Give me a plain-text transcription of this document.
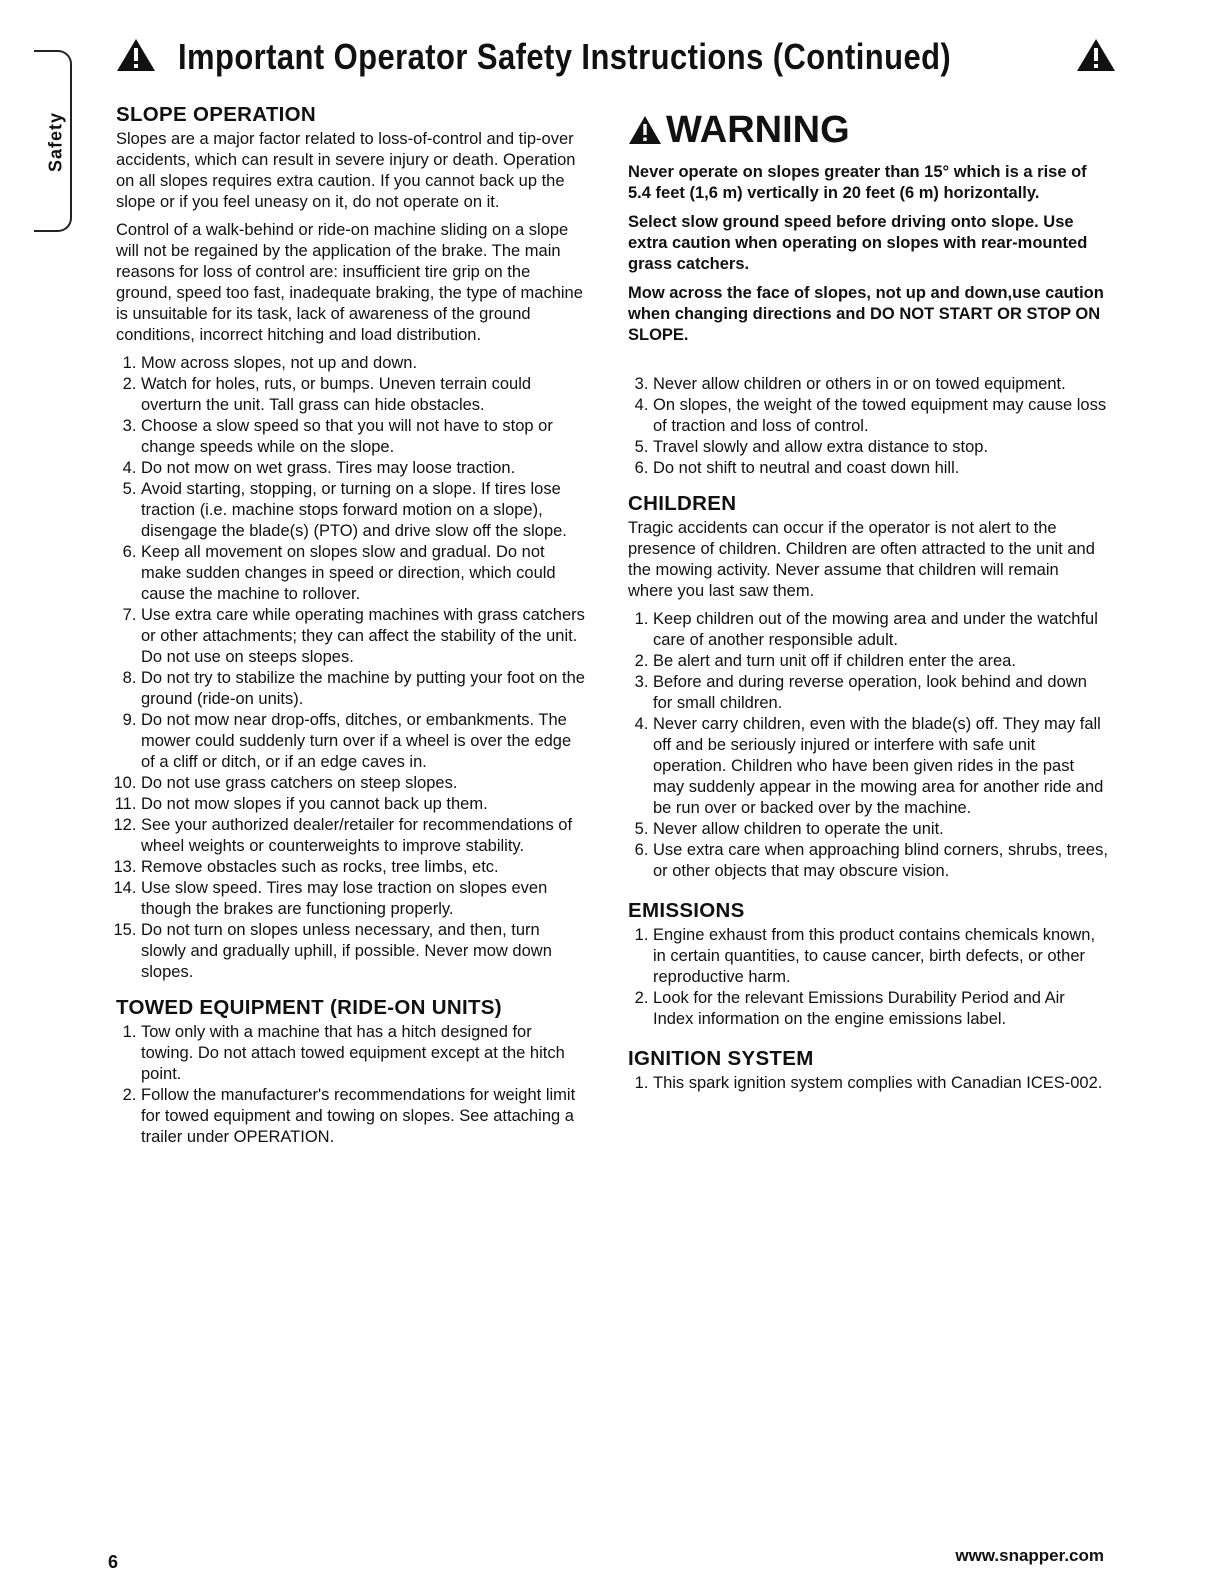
Safety
Important Operator Safety Instructions (Continued)
SLOPE OPERATION

Slopes are a major factor related to loss-of-control and tip-over accidents, which can result in severe injury or death. Operation on all slopes requires extra caution. If you cannot back up the slope or if you feel uneasy on it, do not operate on it.

Control of a walk-behind or ride-on machine sliding on a slope will not be regained by the application of the brake. The main reasons for loss of control are: insufficient tire grip on the ground, speed too fast, inadequate braking, the type of machine is unsuitable for its task, lack of awareness of the ground conditions, incorrect hitching and load distribution.

1. Mow across slopes, not up and down.
2. Watch for holes, ruts, or bumps. Uneven terrain could overturn the unit. Tall grass can hide obstacles.
3. Choose a slow speed so that you will not have to stop or change speeds while on the slope.
4. Do not mow on wet grass. Tires may loose traction.
5. Avoid starting, stopping, or turning on a slope. If tires lose traction (i.e. machine stops forward motion on a slope), disengage the blade(s) (PTO) and drive slow off the slope.
6. Keep all movement on slopes slow and gradual. Do not make sudden changes in speed or direction, which could cause the machine to rollover.
7. Use extra care while operating machines with grass catchers or other attachments; they can affect the stability of the unit. Do not use on steeps slopes.
8. Do not try to stabilize the machine by putting your foot on the ground (ride-on units).
9. Do not mow near drop-offs, ditches, or embankments. The mower could suddenly turn over if a wheel is over the edge of a cliff or ditch, or if an edge caves in.
10. Do not use grass catchers on steep slopes.
11. Do not mow slopes if you cannot back up them.
12. See your authorized dealer/retailer for recommendations of wheel weights or counterweights to improve stability.
13. Remove obstacles such as rocks, tree limbs, etc.
14. Use slow speed. Tires may lose traction on slopes even though the brakes are functioning properly.
15. Do not turn on slopes unless necessary, and then, turn slowly and gradually uphill, if possible. Never mow down slopes.
TOWED EQUIPMENT (RIDE-ON UNITS)
1. Tow only with a machine that has a hitch designed for towing. Do not attach towed equipment except at the hitch point.
2. Follow the manufacturer's recommendations for weight limit for towed equipment and towing on slopes. See attaching a trailer under OPERATION.
WARNING

Never operate on slopes greater than 15° which is a rise of 5.4 feet (1,6 m) vertically in 20 feet (6 m) horizontally.

Select slow ground speed before driving onto slope. Use extra caution when operating on slopes with rear-mounted grass catchers.

Mow across the face of slopes, not up and down,use caution when changing directions and DO NOT START OR STOP ON SLOPE.

3. Never allow children or others in or on towed equipment.
4. On slopes, the weight of the towed equipment may cause loss of traction and loss of control.
5. Travel slowly and allow extra distance to stop.
6. Do not shift to neutral and coast down hill.
CHILDREN

Tragic accidents can occur if the operator is not alert to the presence of children. Children are often attracted to the unit and the mowing activity. Never assume that children will remain where you last saw them.

1. Keep children out of the mowing area and under the watchful care of another responsible adult.
2. Be alert and turn unit off if children enter the area.
3. Before and during reverse operation, look behind and down for small children.
4. Never carry children, even with the blade(s) off. They may fall off and be seriously injured or interfere with safe unit operation. Children who have been given rides in the past may suddenly appear in the mowing area for another ride and be run over or backed over by the machine.
5. Never allow children to operate the unit.
6. Use extra care when approaching blind corners, shrubs, trees, or other objects that may obscure vision.
EMISSIONS
1. Engine exhaust from this product contains chemicals known, in certain quantities, to cause cancer, birth defects, or other reproductive harm.
2. Look for the relevant Emissions Durability Period and Air Index information on the engine emissions label.
IGNITION SYSTEM
1. This spark ignition system complies with Canadian ICES-002.
6	www.snapper.com
